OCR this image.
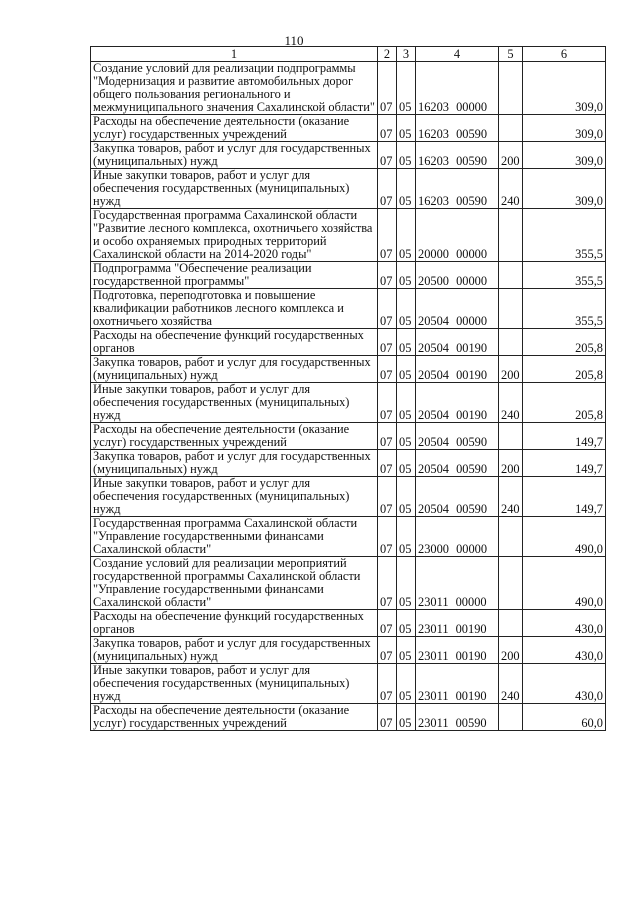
110
1	2	3	4	5	6
Создание условий для реализации подпрограммы "Модернизация и развитие автомобильных дорог общего пользования регионального и межмуниципального значения Сахалинской области"	07	05	16203 00000		309,0
Расходы на обеспечение деятельности (оказание услуг) государственных учреждений	07	05	16203 00590		309,0
Закупка товаров, работ и услуг для государственных (муниципальных) нужд	07	05	16203 00590	200	309,0
Иные закупки товаров, работ и услуг для обеспечения государственных (муниципальных) нужд	07	05	16203 00590	240	309,0
Государственная программа Сахалинской области "Развитие лесного комплекса, охотничьего хозяйства и особо охраняемых природных территорий Сахалинской области на 2014-2020 годы"	07	05	20000 00000		355,5
Подпрограмма "Обеспечение реализации государственной программы"	07	05	20500 00000		355,5
Подготовка, переподготовка и повышение квалификации работников лесного комплекса и охотничьего хозяйства	07	05	20504 00000		355,5
Расходы на обеспечение функций государственных органов	07	05	20504 00190		205,8
Закупка товаров, работ и услуг для государственных (муниципальных) нужд	07	05	20504 00190	200	205,8
Иные закупки товаров, работ и услуг для обеспечения государственных (муниципальных) нужд	07	05	20504 00190	240	205,8
Расходы на обеспечение деятельности (оказание услуг) государственных учреждений	07	05	20504 00590		149,7
Закупка товаров, работ и услуг для государственных (муниципальных) нужд	07	05	20504 00590	200	149,7
Иные закупки товаров, работ и услуг для обеспечения государственных (муниципальных) нужд	07	05	20504 00590	240	149,7
Государственная программа Сахалинской области "Управление государственными финансами Сахалинской области"	07	05	23000 00000		490,0
Создание условий для реализации мероприятий государственной программы Сахалинской области "Управление государственными финансами Сахалинской области"	07	05	23011 00000		490,0
Расходы на обеспечение функций государственных органов	07	05	23011 00190		430,0
Закупка товаров, работ и услуг для государственных (муниципальных) нужд	07	05	23011 00190	200	430,0
Иные закупки товаров, работ и услуг для обеспечения государственных (муниципальных) нужд	07	05	23011 00190	240	430,0
Расходы на обеспечение деятельности (оказание услуг) государственных учреждений	07	05	23011 00590		60,0
